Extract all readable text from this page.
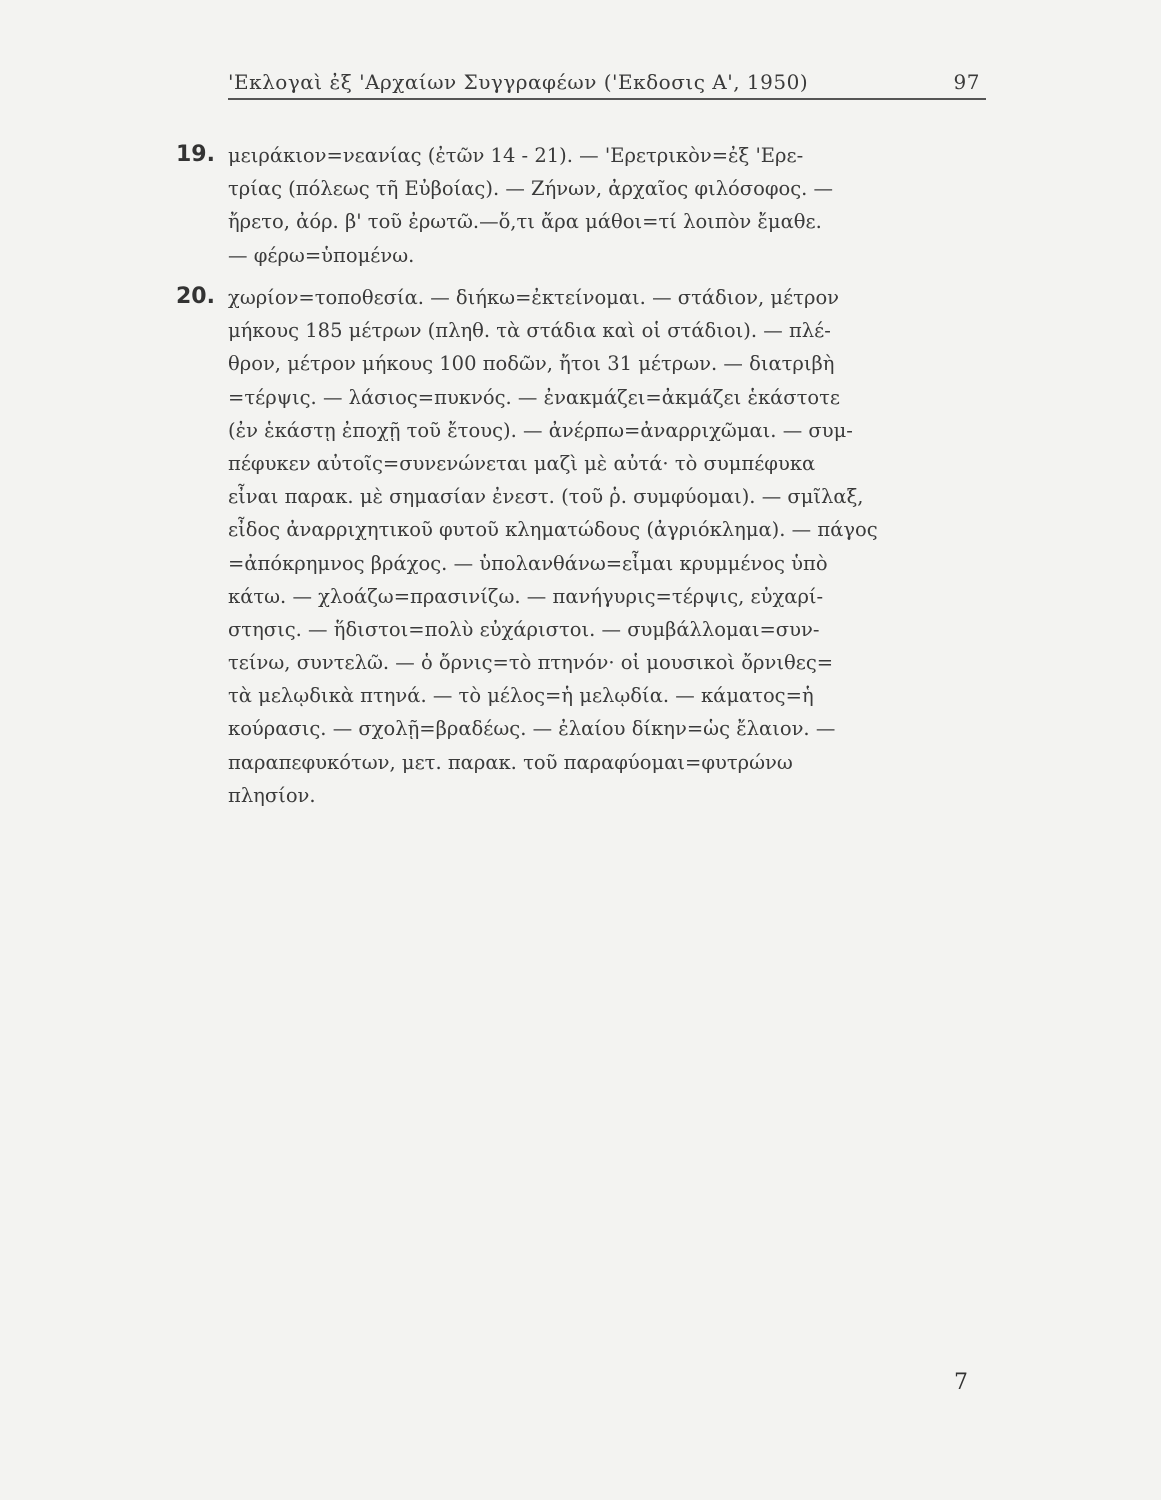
'Εκλογαὶ ἐξ 'Αρχαίων Συγγραφέων ('Εκδοσις Α', 1950)	97
19. μειράκιον=νεανίας (ἐτῶν 14 - 21). — 'Ερετρικὸν=ἐξ 'Ερε-
τρίας (πόλεως τῆ Εὐβοίας). — Ζήνων, ἀρχαῖος φιλόσοφος. —
ἤρετο, ἀόρ. β' τοῦ ἐρωτῶ.—ὅ,τι ἄρα μάθοι=τί λοιπὸν ἔμαθε.
— φέρω=ὑπομένω.
20. χωρίον=τοποθεσία. — διήκω=ἐκτείνομαι. — στάδιον, μέτρον
μήκους 185 μέτρων (πληθ. τὰ στάδια καὶ οἱ στάδιοι). — πλέ-
θρον, μέτρον μήκους 100 ποδῶν, ἤτοι 31 μέτρων. — διατριβὴ
=τέρψις. — λάσιος=πυκνός. — ἐνακμάζει=ἀκμάζει ἑκάστοτε
(ἐν ἑκάστῃ ἐποχῇ τοῦ ἔτους). — ἀνέρπω=ἀναρριχῶμαι. — συμ-
πέφυκεν αὐτοῖς=συνενώνεται μαζὶ μὲ αὐτά· τὸ συμπέφυκα
εἶναι παρακ. μὲ σημασίαν ἐνεστ. (τοῦ ῥ. συμφύομαι). — σμῖλαξ,
εἶδος ἀναρριχητικοῦ φυτοῦ κληματώδους (ἀγριόκλημα). — πάγος
=ἀπόκρημνος βράχος. — ὑπολανθάνω=εἶμαι κρυμμένος ὑπὸ
κάτω. — χλοάζω=πρασινίζω. — πανήγυρις=τέρψις, εὐχαρί-
στησις. — ἥδιστοι=πολὺ εὐχάριστοι. — συμβάλλομαι=συν-
τείνω, συντελῶ. — ὁ ὄρνις=τὸ πτηνόν· οἱ μουσικοὶ ὄρνιθες=
τὰ μελῳδικὰ πτηνά. — τὸ μέλος=ἡ μελῳδία. — κάματος=ἡ
κούρασις. — σχολῇ=βραδέως. — ἐλαίου δίκην=ὡς ἔλαιον. —
παραπεφυκότων, μετ. παρακ. τοῦ παραφύομαι=φυτρώνω
πλησίον.
7
